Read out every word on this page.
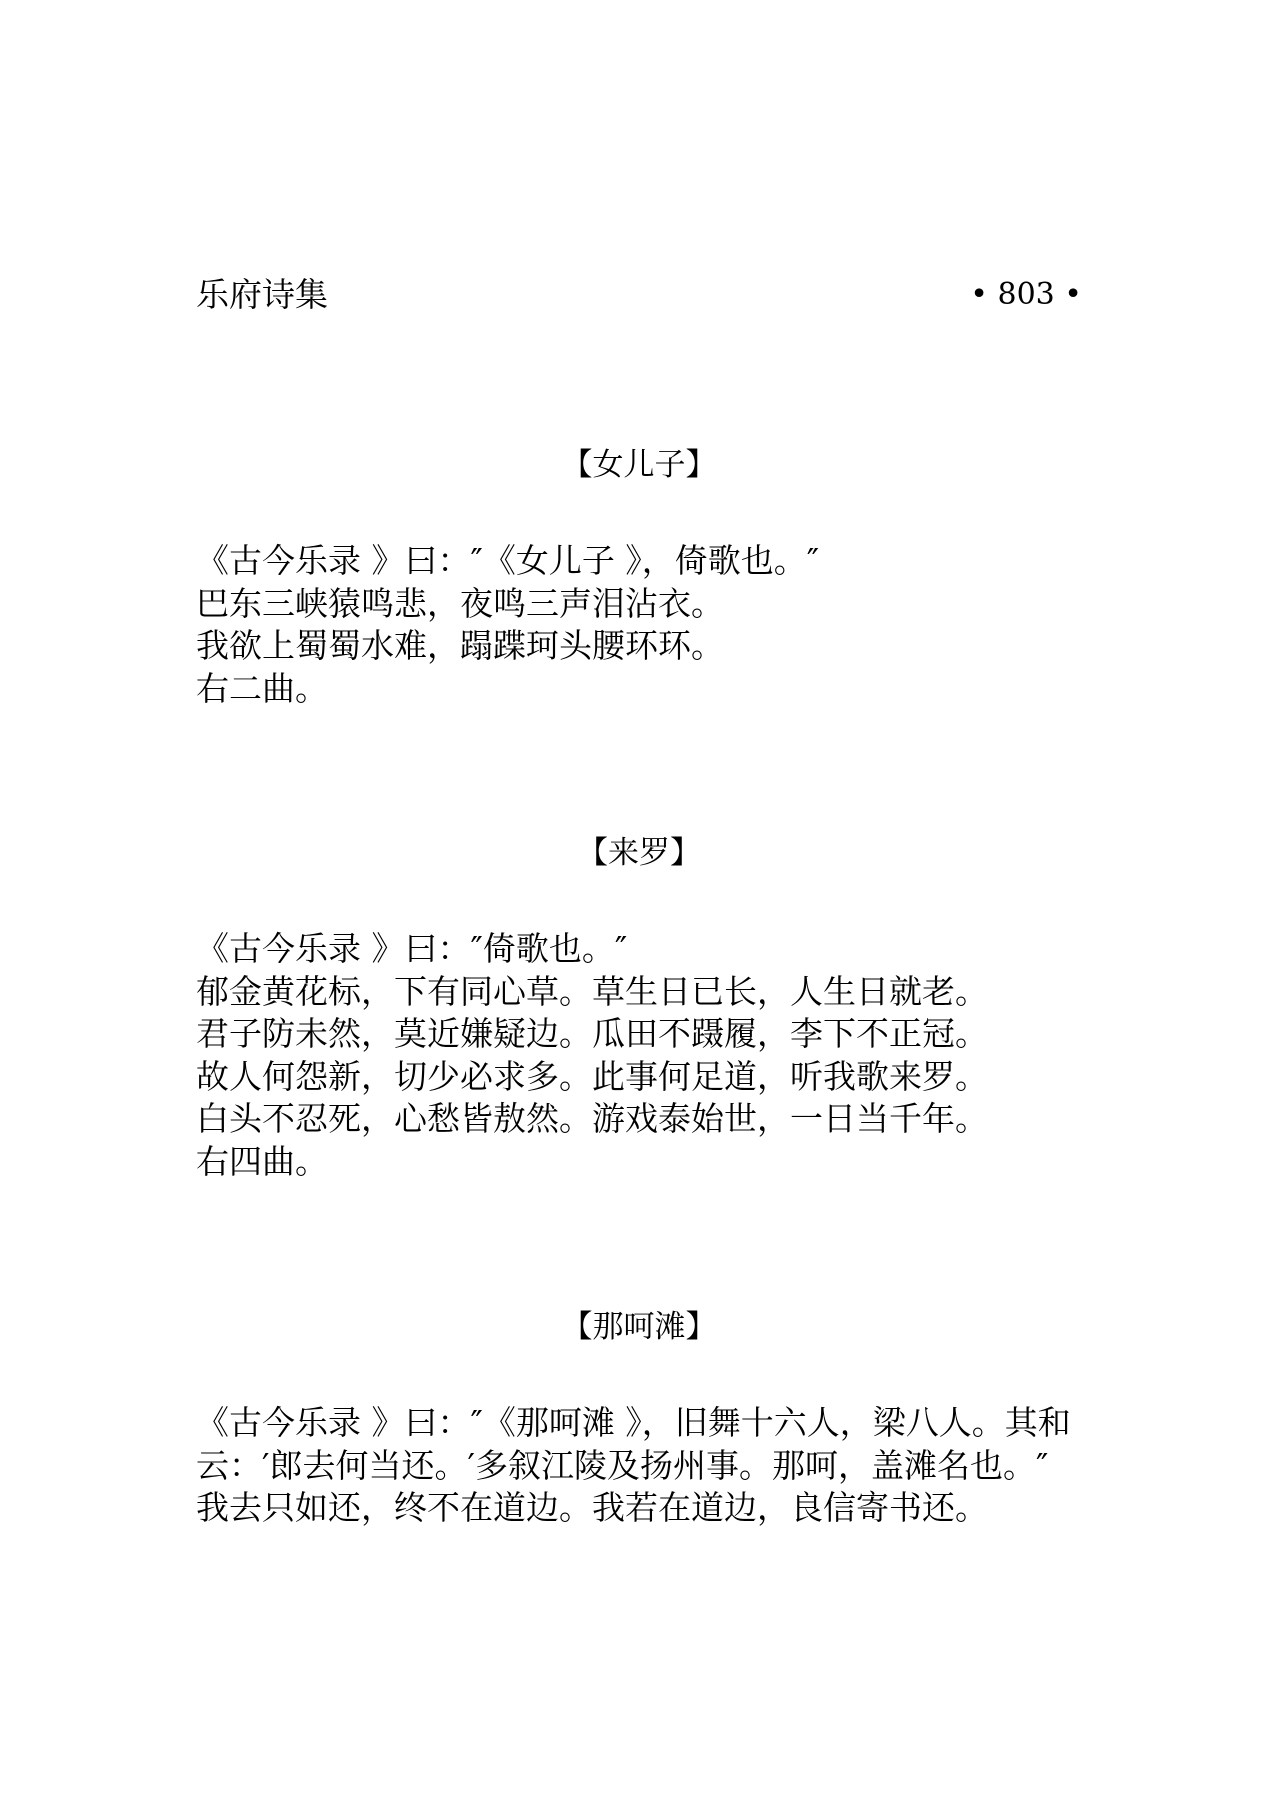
乐府诗集	• 803 •
【女儿子】
《古今乐录 》曰：″《女儿子 》，倚歌也。″
巴东三峡猿鸣悲，夜鸣三声泪沾衣。
我欲上蜀蜀水难，蹋蹀珂头腰环环。
右二曲。
【来罗】
《古今乐录 》曰：″倚歌也。″
郁金黄花标，下有同心草。草生日已长，人生日就老。
君子防未然，莫近嫌疑边。瓜田不蹑履，李下不正冠。
故人何怨新，切少必求多。此事何足道，听我歌来罗。
白头不忍死，心愁皆敖然。游戏泰始世，一日当千年。
右四曲。
【那呵滩】
《古今乐录 》曰：″《那呵滩 》，旧舞十六人，梁八人。其和
云：′郎去何当还。′多叙江陵及扬州事。那呵，盖滩名也。″
我去只如还，终不在道边。我若在道边，良信寄书还。
